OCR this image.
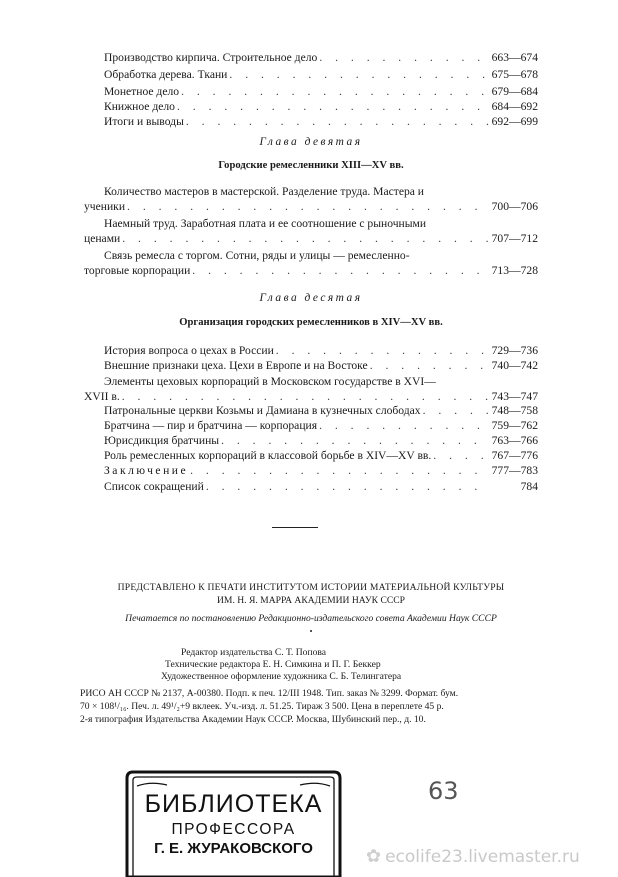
Производство кирпича. Строительное дело . . .	663—674
Обработка дерева. Ткани . . .	675—678
Монетное дело . . .	679—684
Книжное дело . . .	684—692
Итоги и выводы . . .	692—699
Глава девятая
Городские ремесленники XIII—XV вв.
Количество мастеров в мастерской. Разделение труда. Мастера и
ученики . . .	700—706
Наемный труд. Заработная плата и ее соотношение с рыночными
ценами . . .	707—712
Связь ремесла с торгом. Сотни, ряды и улицы — ремесленно-
торговые корпорации . . .	713—728
Глава десятая
Организация городских ремесленников в XIV—XV вв.
История вопроса о цехах в России . . .	729—736
Внешние признаки цеха. Цехи в Европе и на Востоке . . .	740—742
Элементы цеховых корпораций в Московском государстве в XVI—
XVII в. . . .	743—747
Патрональные церкви Козьмы и Дамиана в кузнечных слободах . . .	748—758
Братчина — пир и братчина — корпорация . . .	759—762
Юрисдикция братчины . . .	763—766
Роль ремесленных корпораций в классовой борьбе в XIV—XV вв. . . .	767—776
Заключение . . .	777—783
Список сокращений . . .	784
ПРЕДСТАВЛЕНО К ПЕЧАТИ ИНСТИТУТОМ ИСТОРИИ МАТЕРИАЛЬНОЙ КУЛЬТУРЫ
ИМ. Н. Я. МАРРА АКАДЕМИИ НАУК СССР
Печатается по постановлению Редакционно-издательского совета Академии Наук СССР
•
Редактор издательства С. Т. Попова
Технические редактора Е. Н. Симкина и П. Г. Беккер
Художественное оформление художника С. Б. Телингатера
РИСО АН СССР № 2137, А-00380. Подп. к печ. 12/III 1948. Тип. заказ № 3299. Формат. бум.
70 × 108¹/₁₆. Печ. л. 49¹/₂+9 вклеек. Уч.-изд. л. 51.25. Тираж 3 500. Цена в переплете 45 р.
2-я типография Издательства Академии Наук СССР. Москва, Шубинский пер., д. 10.
БИБЛИОТЕКА
ПРОФЕССОРА
Г. Е. ЖУРАКОВСКОГО
63
✿ ecolife23.livemaster.ru
